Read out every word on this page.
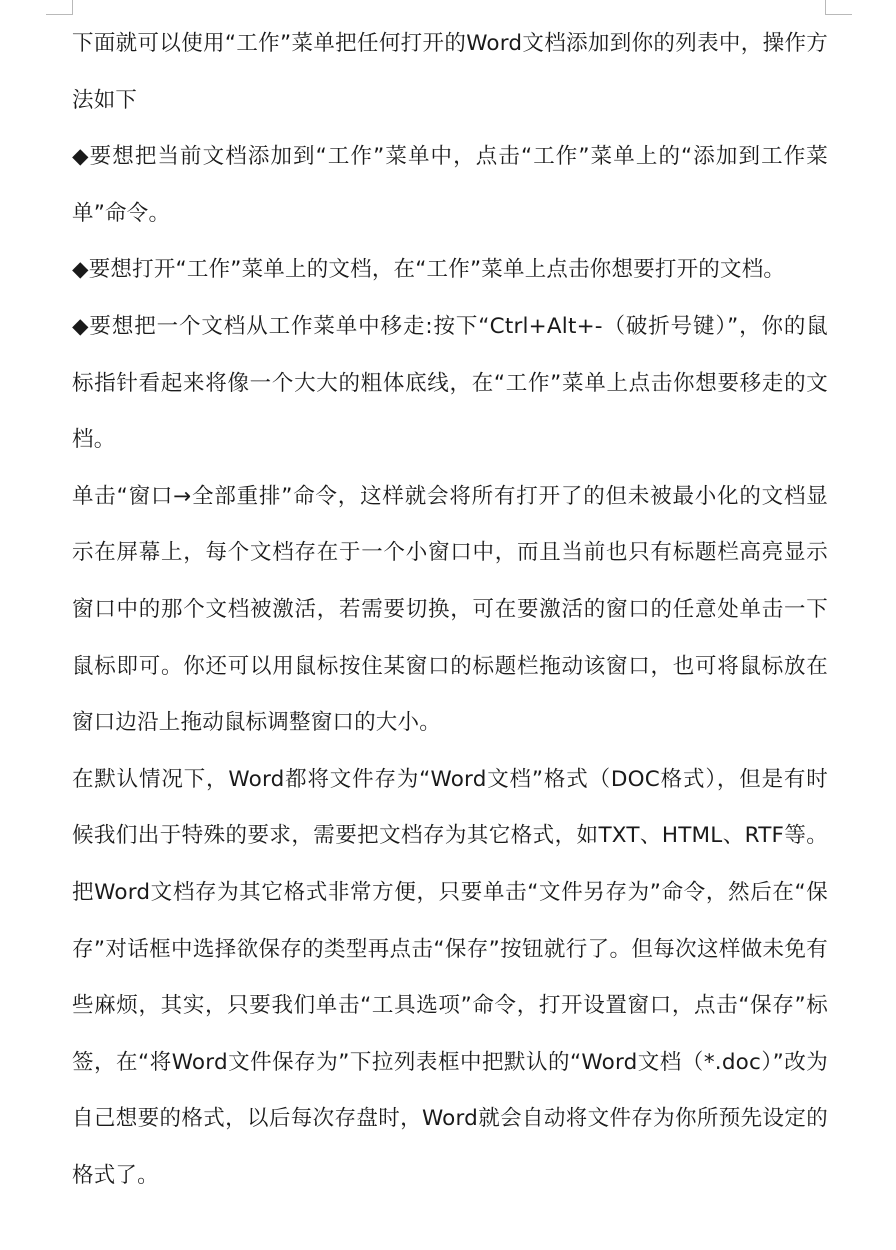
下面就可以使用“工作”菜单把任何打开的Word文档添加到你的列表中，操作方法如下

◆要想把当前文档添加到“工作”菜单中，点击“工作”菜单上的“添加到工作菜单”命令。

◆要想打开“工作”菜单上的文档，在“工作”菜单上点击你想要打开的文档。

◆要想把一个文档从工作菜单中移走:按下“Ctrl+Alt+-（破折号键）”，你的鼠标指针看起来将像一个大大的粗体底线，在“工作”菜单上点击你想要移走的文档。

单击“窗口→全部重排”命令，这样就会将所有打开了的但未被最小化的文档显示在屏幕上，每个文档存在于一个小窗口中，而且当前也只有标题栏高亮显示窗口中的那个文档被激活，若需要切换，可在要激活的窗口的任意处单击一下鼠标即可。你还可以用鼠标按住某窗口的标题栏拖动该窗口，也可将鼠标放在窗口边沿上拖动鼠标调整窗口的大小。

在默认情况下，Word都将文件存为“Word文档”格式（DOC格式），但是有时候我们出于特殊的要求，需要把文档存为其它格式，如TXT、HTML、RTF等。把Word文档存为其它格式非常方便，只要单击“文件另存为”命令，然后在“保存”对话框中选择欲保存的类型再点击“保存”按钮就行了。但每次这样做未免有些麻烦，其实，只要我们单击“工具选项”命令，打开设置窗口，点击“保存”标签，在“将Word文件保存为”下拉列表框中把默认的“Word文档（*.doc）”改为自己想要的格式，以后每次存盘时，Word就会自动将文件存为你所预先设定的格式了。
